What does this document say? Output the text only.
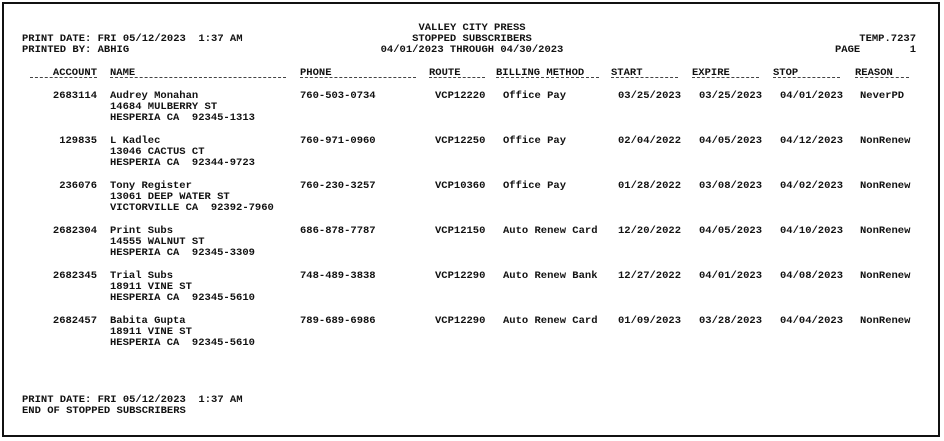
PRINT DATE: FRI 05/12/2023  1:37 AM
PRINTED BY: ABHIG
VALLEY CITY PRESS
STOPPED SUBSCRIBERS
04/01/2023 THROUGH 04/30/2023
TEMP.7237
PAGE	1
ACCOUNT NAME	PHONE	ROUTE	BILLING METHOD	START	EXPIRE	STOP	REASON
2683114 Audrey Monahan
14684 MULBERRY ST
HESPERIA CA  92345-1313
760-503-0734	VCP12220 Office Pay	03/25/2023 03/25/2023 04/01/2023 NeverPD
129835 L Kadlec
13046 CACTUS CT
HESPERIA CA  92344-9723
760-971-0960	VCP12250 Office Pay	02/04/2022 04/05/2023 04/12/2023 NonRenew
236076 Tony Register
13061 DEEP WATER ST
VICTORVILLE CA  92392-7960
760-230-3257	VCP10360 Office Pay	01/28/2022 03/08/2023 04/02/2023 NonRenew
2682304 Print Subs
14555 WALNUT ST
HESPERIA CA  92345-3309
686-878-7787	VCP12150 Auto Renew Card 12/20/2022 04/05/2023 04/10/2023 NonRenew
2682345 Trial Subs
18911 VINE ST
HESPERIA CA  92345-5610
748-489-3838	VCP12290 Auto Renew Bank 12/27/2022 04/01/2023 04/08/2023 NonRenew
2682457 Babita Gupta
18911 VINE ST
HESPERIA CA  92345-5610
789-689-6986	VCP12290 Auto Renew Card 01/09/2023 03/28/2023 04/04/2023 NonRenew
PRINT DATE: FRI 05/12/2023  1:37 AM
END OF STOPPED SUBSCRIBERS
